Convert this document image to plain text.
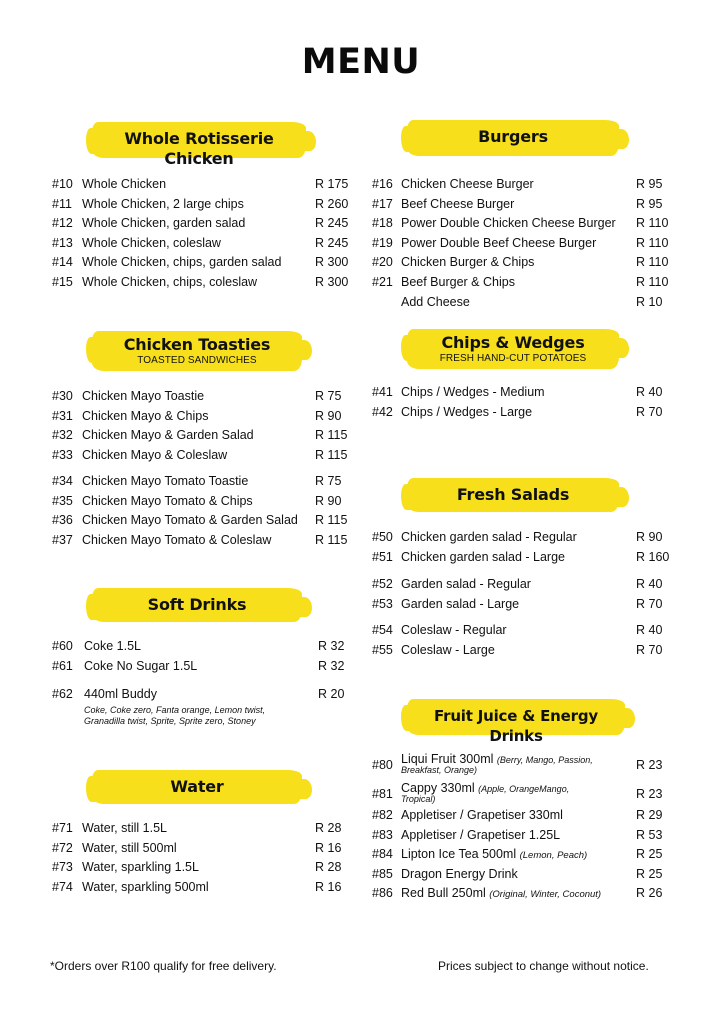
MENU
Whole Rotisserie Chicken
#10 Whole Chicken	R 175
#11 Whole Chicken, 2 large chips	R 260
#12 Whole Chicken, garden salad	R 245
#13 Whole Chicken, coleslaw	R 245
#14 Whole Chicken, chips, garden salad	R 300
#15 Whole Chicken, chips, coleslaw	R 300
Chicken Toasties
TOASTED SANDWICHES
#30 Chicken Mayo Toastie	R 75
#31 Chicken Mayo & Chips	R 90
#32 Chicken Mayo & Garden Salad	R 115
#33 Chicken Mayo & Coleslaw	R 115
#34 Chicken Mayo Tomato Toastie	R 75
#35 Chicken Mayo Tomato & Chips	R 90
#36 Chicken Mayo Tomato & Garden Salad R 115
#37 Chicken Mayo Tomato & Coleslaw	R 115
Soft Drinks
#60 Coke 1.5L	R 32
#61 Coke No Sugar 1.5L	R 32
#62 440ml Buddy	R 20
Coke, Coke zero, Fanta orange, Lemon twist,
Granadilla twist, Sprite, Sprite zero, Stoney
Water
#71 Water, still 1.5L	R 28
#72 Water, still 500ml	R 16
#73 Water, sparkling 1.5L	R 28
#74 Water, sparkling 500ml	R 16
Burgers
#16 Chicken Cheese Burger	R 95
#17 Beef Cheese Burger	R 95
#18 Power Double Chicken Cheese Burger R 110
#19 Power Double Beef Cheese Burger	R 110
#20 Chicken Burger & Chips	R 110
#21 Beef Burger & Chips	R 110
Add Cheese	R 10
Chips & Wedges
FRESH HAND-CUT POTATOES
#41 Chips / Wedges - Medium	R 40
#42 Chips / Wedges - Large	R 70
Fresh Salads
#50 Chicken garden salad - Regular	R 90
#51 Chicken garden salad - Large	R 160
#52 Garden salad - Regular	R 40
#53 Garden salad - Large	R 70
#54 Coleslaw - Regular	R 40
#55 Coleslaw - Large	R 70
Fruit Juice & Energy Drinks
#80 Liqui Fruit 300ml (Berry, Mango, Passion,
Breakfast, Orange)	R 23
#81 Cappy 330ml (Apple, OrangeMango,
Tropical)	R 23
#82 Appletiser / Grapetiser 330ml	R 29
#83 Appletiser / Grapetiser 1.25L	R 53
#84 Lipton Ice Tea 500ml (Lemon, Peach)	R 25
#85 Dragon Energy Drink	R 25
#86 Red Bull 250ml (Original, Winter, Coconut)	R 26
*Orders over R100 qualify for free delivery.	Prices subject to change without notice.
